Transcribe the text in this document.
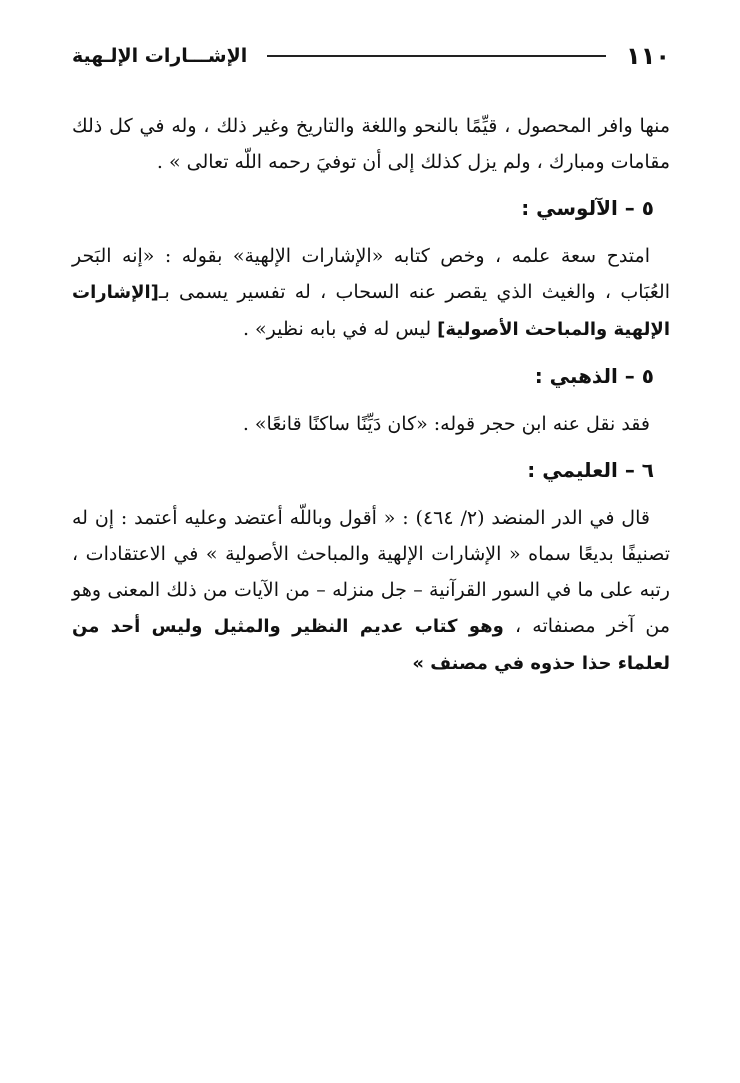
١١٠
الإشـــارات الإلـهية

منها وافر المحصول ، قيِّمًا بالنحو واللغة والتاريخ وغير ذلك ، وله في كل ذلك مقامات ومبارك ، ولم يزل كذلك إلى أن توفيَ رحمه اللّه تعالى » .

٥ – الآلوسي :

امتدح سعة علمه ، وخص كتابه «الإشارات الإلهية» بقوله : «إنه البَحر العُبَاب ، والغيث الذي يقصر عنه السحاب ، له تفسير يسمى بـ[الإشارات الإلهية والمباحث الأصولية] ليس له في بابه نظير» .

٥ – الذهبي :

فقد نقل عنه ابن حجر قوله: «كان دَيِّنًا ساكنًا قانعًا» .

٦ – العليمي :

قال في الدر المنضد (٢/ ٤٦٤) : « أقول وباللّه أعتضد وعليه أعتمد : إن له تصنيفًا بديعًا سماه « الإشارات الإلهية والمباحث الأصولية » في الاعتقادات ، رتبه على ما في السور القرآنية – جل منزله – من الآيات من ذلك المعنى وهو من آخر مصنفاته ، وهو كتاب عديم النظير والمثيل وليس أحد من لعلماء حذا حذوه في مصنف »
